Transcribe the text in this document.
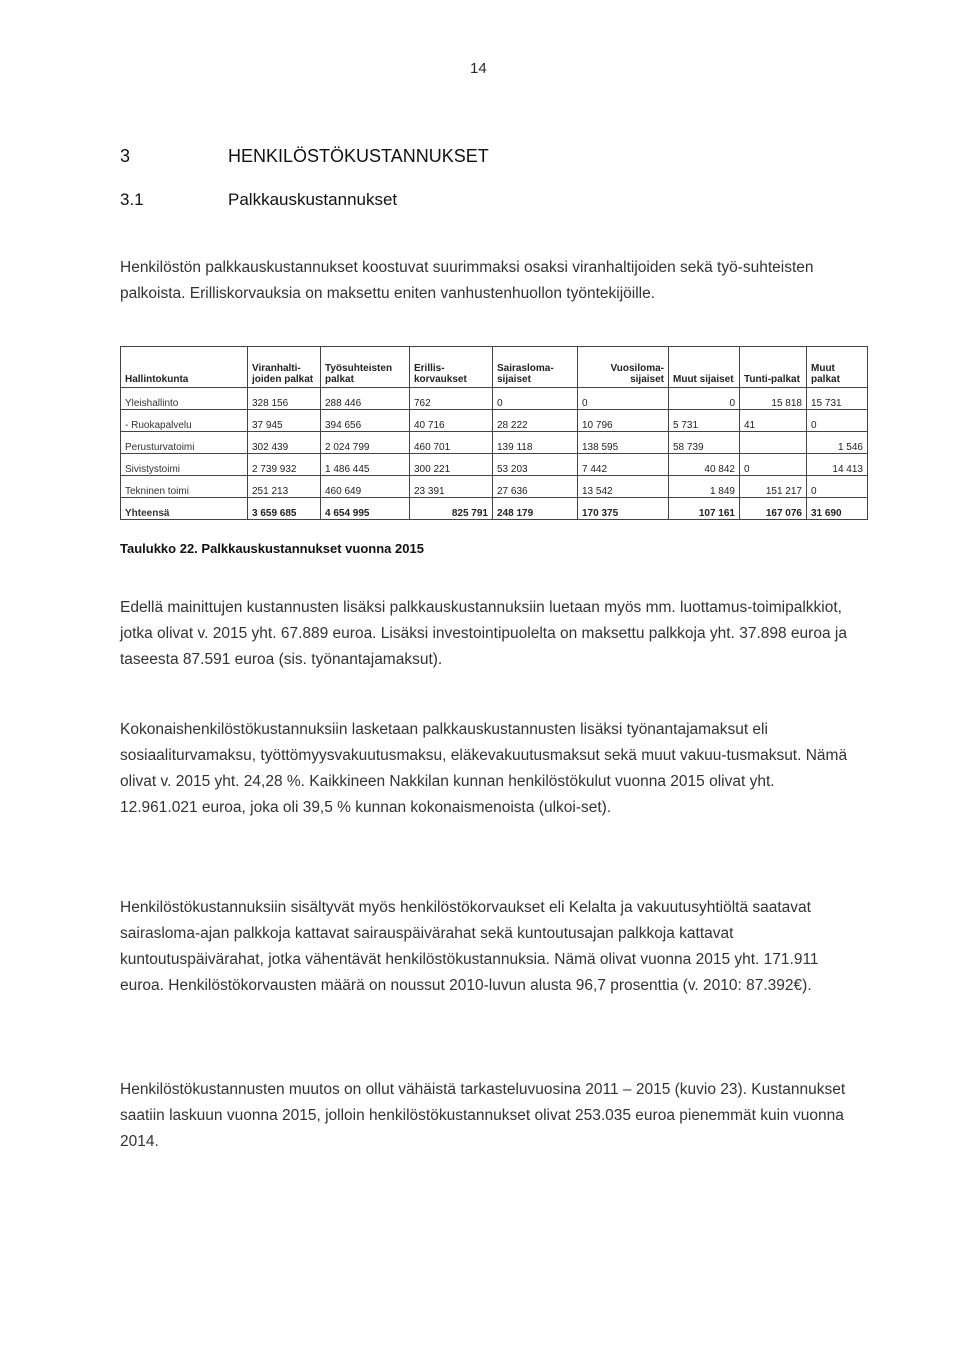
14
3	HENKILÖSTÖKUSTANNUKSET
3.1	Palkkauskustannukset

Henkilöstön palkkauskustannukset koostuvat suurimmaksi osaksi viranhaltijoiden sekä työ-suhteisten palkoista. Erilliskorvauksia on maksettu eniten vanhustenhuollon työntekijöille.

Hallintokunta	Viranhalti-joiden palkat	Työsuhteisten palkat	Erillis-korvaukset	Sairasloma-sijaiset	Vuosiloma-sijaiset	Muut sijaiset	Tunti-palkat	Muut palkat
Yleishallinto	328 156	288 446	762	0	0	0	15 818	15 731
- Ruokapalvelu	37 945	394 656	40 716	28 222	10 796	5 731	41	0
Perusturvatoimi	302 439	2 024 799	460 701	139 118	138 595	58 739		1 546
Sivistystoimi	2 739 932	1 486 445	300 221	53 203	7 442	40 842	0	14 413
Tekninen toimi	251 213	460 649	23 391	27 636	13 542	1 849	151 217	0
Yhteensä	3 659 685	4 654 995	825 791	248 179	170 375	107 161	167 076	31 690
Taulukko 22. Palkkauskustannukset vuonna 2015

Edellä mainittujen kustannusten lisäksi palkkauskustannuksiin luetaan myös mm. luottamus-toimipalkkiot, jotka olivat v. 2015 yht. 67.889 euroa. Lisäksi investointipuolelta on maksettu palkkoja yht. 37.898 euroa ja taseesta 87.591 euroa (sis. työnantajamaksut).

Kokonaishenkilöstökustannuksiin lasketaan palkkauskustannusten lisäksi työnantajamaksut eli sosiaaliturvamaksu, työttömyysvakuutusmaksu, eläkevakuutusmaksut sekä muut vakuu-tusmaksut. Nämä olivat v. 2015 yht. 24,28 %. Kaikkineen Nakkilan kunnan henkilöstökulut vuonna 2015 olivat yht. 12.961.021 euroa, joka oli 39,5 % kunnan kokonaismenoista (ulkoi-set).

Henkilöstökustannuksiin sisältyvät myös henkilöstökorvaukset eli Kelalta ja vakuutusyhtiöltä saatavat sairasloma-ajan palkkoja kattavat sairauspäivärahat sekä kuntoutusajan palkkoja kattavat kuntoutuspäivärahat, jotka vähentävät henkilöstökustannuksia. Nämä olivat vuonna 2015 yht. 171.911 euroa. Henkilöstökorvausten määrä on noussut 2010-luvun alusta 96,7 prosenttia (v. 2010: 87.392€).

Henkilöstökustannusten muutos on ollut vähäistä tarkasteluvuosina 2011 – 2015 (kuvio 23). Kustannukset saatiin laskuun vuonna 2015, jolloin henkilöstökustannukset olivat 253.035 euroa pienemmät kuin vuonna 2014.
